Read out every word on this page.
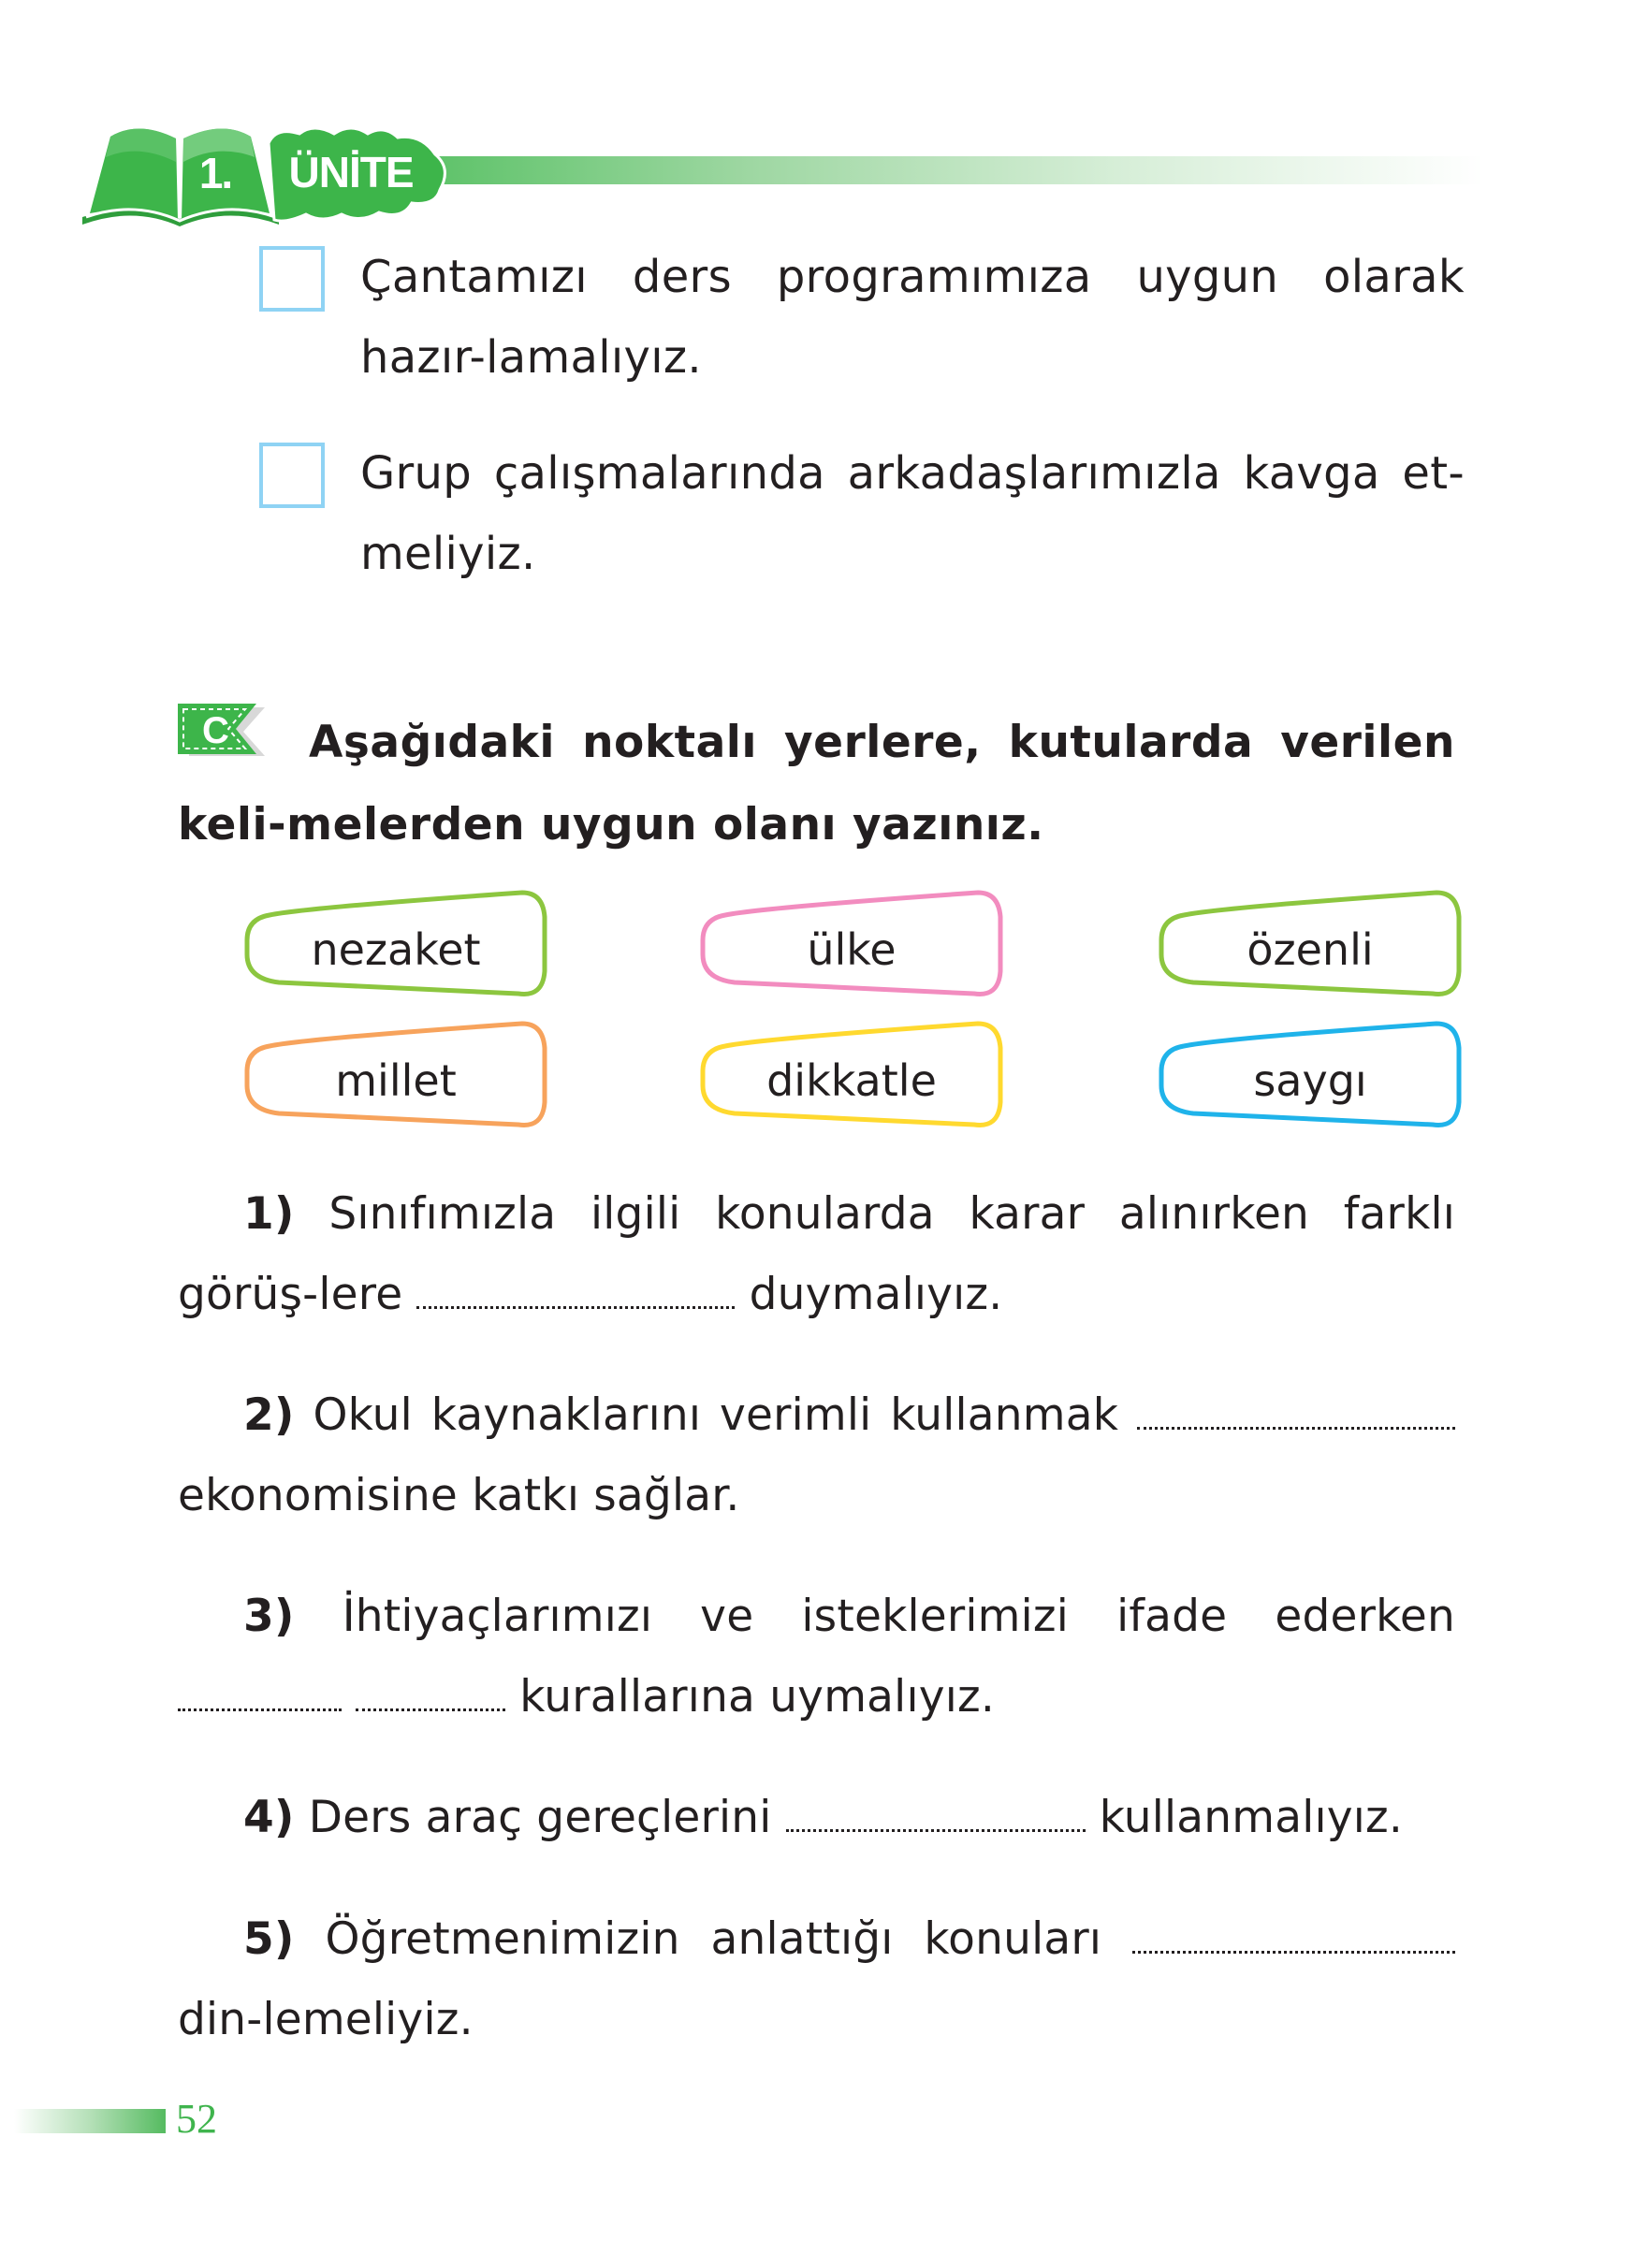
1.	ÜNİTE
Çantamızı ders programımıza uygun olarak hazır-lamalıyız.
Grup çalışmalarında arkadaşlarımızla kavga et-meliyiz.
C	Aşağıdaki noktalı yerlere, kutularda verilen keli-melerden uygun olanı yazınız.
nezaket	ülke	özenli
millet	dikkatle	saygı
1) Sınıfımızla ilgili konularda karar alınırken farklı görüş-lere	duymalıyız.
2) Okul kaynaklarını verimli kullanmak  ekonomisine katkı sağlar.
3) İhtiyaçlarımızı ve isteklerimizi ifade ederken   kurallarına uymalıyız.
4) Ders araç gereçlerini	kullanmalıyız.
5) Öğretmenimizin anlattığı konuları  din-lemeliyiz.
52
